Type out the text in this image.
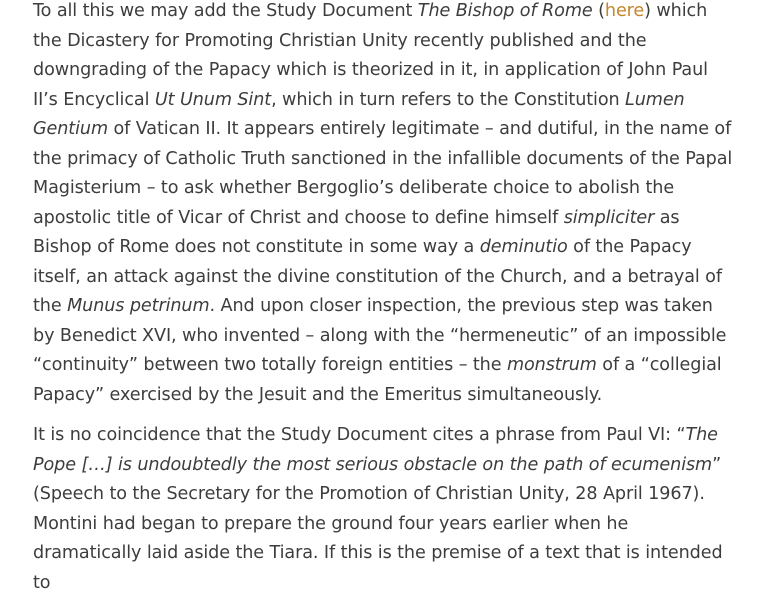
To all this we may add the Study Document The Bishop of Rome (here) which the Dicastery for Promoting Christian Unity recently published and the downgrading of the Papacy which is theorized in it, in application of John Paul II’s Encyclical Ut Unum Sint, which in turn refers to the Constitution Lumen Gentium of Vatican II. It appears entirely legitimate – and dutiful, in the name of the primacy of Catholic Truth sanctioned in the infallible documents of the Papal Magisterium – to ask whether Bergoglio’s deliberate choice to abolish the apostolic title of Vicar of Christ and choose to define himself simpliciter as Bishop of Rome does not constitute in some way a deminutio of the Papacy itself, an attack against the divine constitution of the Church, and a betrayal of the Munus petrinum. And upon closer inspection, the previous step was taken by Benedict XVI, who invented – along with the “hermeneutic” of an impossible “continuity” between two totally foreign entities – the monstrum of a “collegial Papacy” exercised by the Jesuit and the Emeritus simultaneously.

It is no coincidence that the Study Document cites a phrase from Paul VI: “The Pope […] is undoubtedly the most serious obstacle on the path of ecumenism” (Speech to the Secretary for the Promotion of Christian Unity, 28 April 1967). Montini had began to prepare the ground four years earlier when he dramatically laid aside the Tiara. If this is the premise of a text that is intended to
